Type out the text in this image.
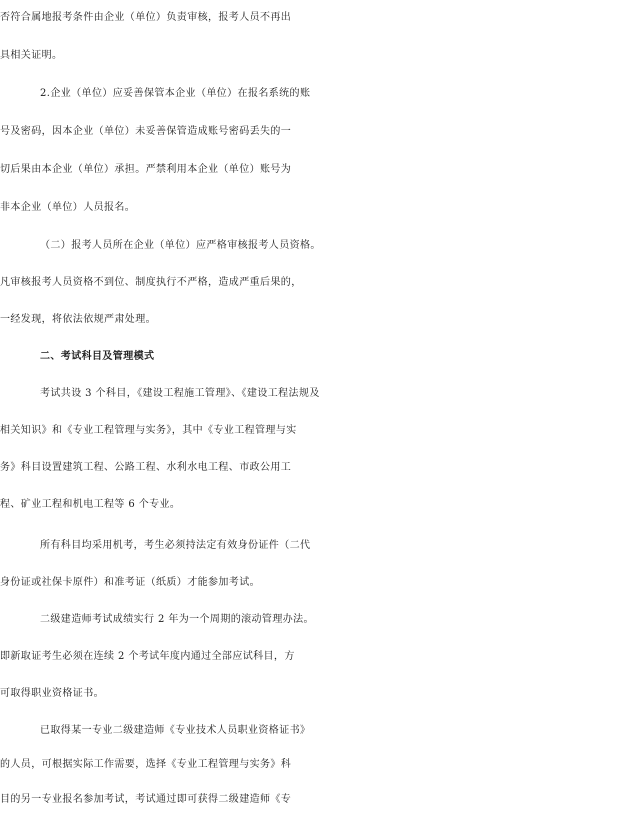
否符合属地报考条件由企业（单位）负责审核，报考人员不再出
具相关证明。
2.企业（单位）应妥善保管本企业（单位）在报名系统的账
号及密码，因本企业（单位）未妥善保管造成账号密码丢失的一
切后果由本企业（单位）承担。严禁利用本企业（单位）账号为
非本企业（单位）人员报名。
（二）报考人员所在企业（单位）应严格审核报考人员资格。
凡审核报考人员资格不到位、制度执行不严格，造成严重后果的，
一经发现，将依法依规严肃处理。
二、考试科目及管理模式
考试共设 3 个科目，《建设工程施工管理》、《建设工程法规及
相关知识》和《专业工程管理与实务》，其中《专业工程管理与实
务》科目设置建筑工程、公路工程、水利水电工程、市政公用工
程、矿业工程和机电工程等 6 个专业。
所有科目均采用机考，考生必须持法定有效身份证件（二代
身份证或社保卡原件）和准考证（纸质）才能参加考试。
二级建造师考试成绩实行 2 年为一个周期的滚动管理办法。
即新取证考生必须在连续 2 个考试年度内通过全部应试科目，方
可取得职业资格证书。
已取得某一专业二级建造师《专业技术人员职业资格证书》
的人员，可根据实际工作需要，选择《专业工程管理与实务》科
目的另一专业报名参加考试，考试通过即可获得二级建造师《专
